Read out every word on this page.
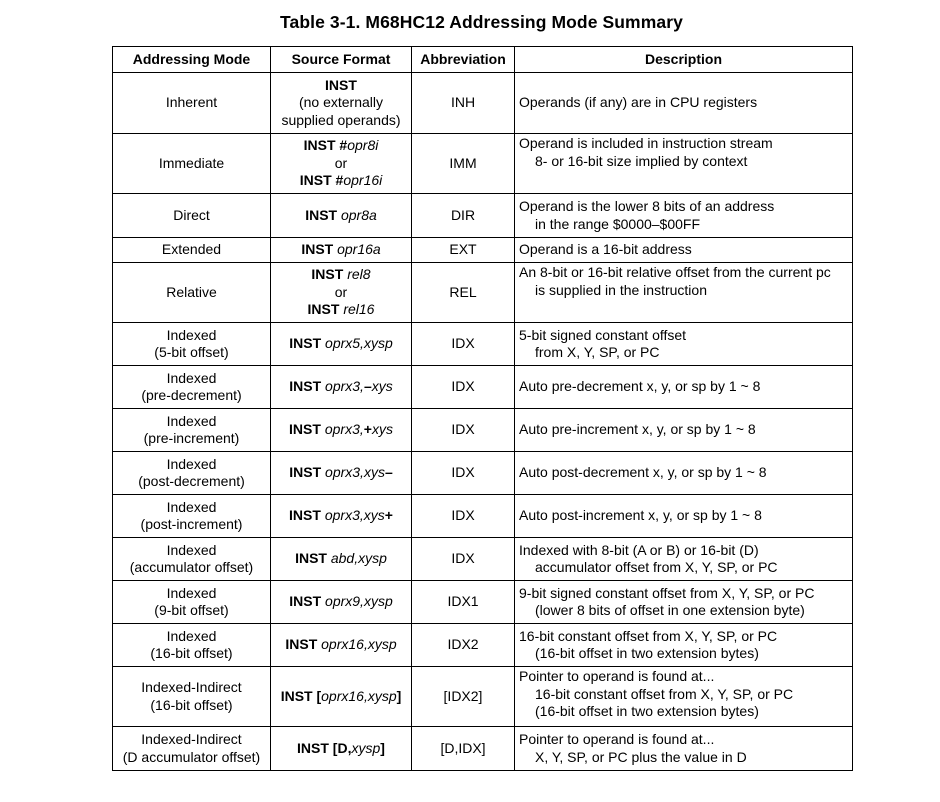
Table 3-1. M68HC12 Addressing Mode Summary
Addressing Mode	Source Format	Abbreviation	Description

Inherent	INST
(no externally
supplied operands)	INH	Operands (if any) are in CPU registers

Immediate	INST #opr8i
or
INST #opr16i	IMM	Operand is included in instruction stream
8- or 16-bit size implied by context

Direct	INST opr8a	DIR	Operand is the lower 8 bits of an address
in the range $0000–$00FF

Extended	INST opr16a	EXT	Operand is a 16-bit address

Relative	INST rel8
or
INST rel16	REL	An 8-bit or 16-bit relative offset from the current pc
is supplied in the instruction

Indexed
(5-bit offset)	INST oprx5,xysp	IDX	5-bit signed constant offset
from X, Y, SP, or PC

Indexed
(pre-decrement)	INST oprx3,–xys	IDX	Auto pre-decrement x, y, or sp by 1 ~ 8

Indexed
(pre-increment)	INST oprx3,+xys	IDX	Auto pre-increment x, y, or sp by 1 ~ 8

Indexed
(post-decrement)	INST oprx3,xys–	IDX	Auto post-decrement x, y, or sp by 1 ~ 8

Indexed
(post-increment)	INST oprx3,xys+	IDX	Auto post-increment x, y, or sp by 1 ~ 8

Indexed
(accumulator offset)	INST abd,xysp	IDX	Indexed with 8-bit (A or B) or 16-bit (D)
accumulator offset from X, Y, SP, or PC

Indexed
(9-bit offset)	INST oprx9,xysp	IDX1	9-bit signed constant offset from X, Y, SP, or PC
(lower 8 bits of offset in one extension byte)

Indexed
(16-bit offset)	INST oprx16,xysp	IDX2	16-bit constant offset from X, Y, SP, or PC
(16-bit offset in two extension bytes)

Indexed-Indirect
(16-bit offset)	INST [oprx16,xysp]	[IDX2]	Pointer to operand is found at...
16-bit constant offset from X, Y, SP, or PC
(16-bit offset in two extension bytes)

Indexed-Indirect
(D accumulator offset)	INST [D,xysp]	[D,IDX]	Pointer to operand is found at...
X, Y, SP, or PC plus the value in D
